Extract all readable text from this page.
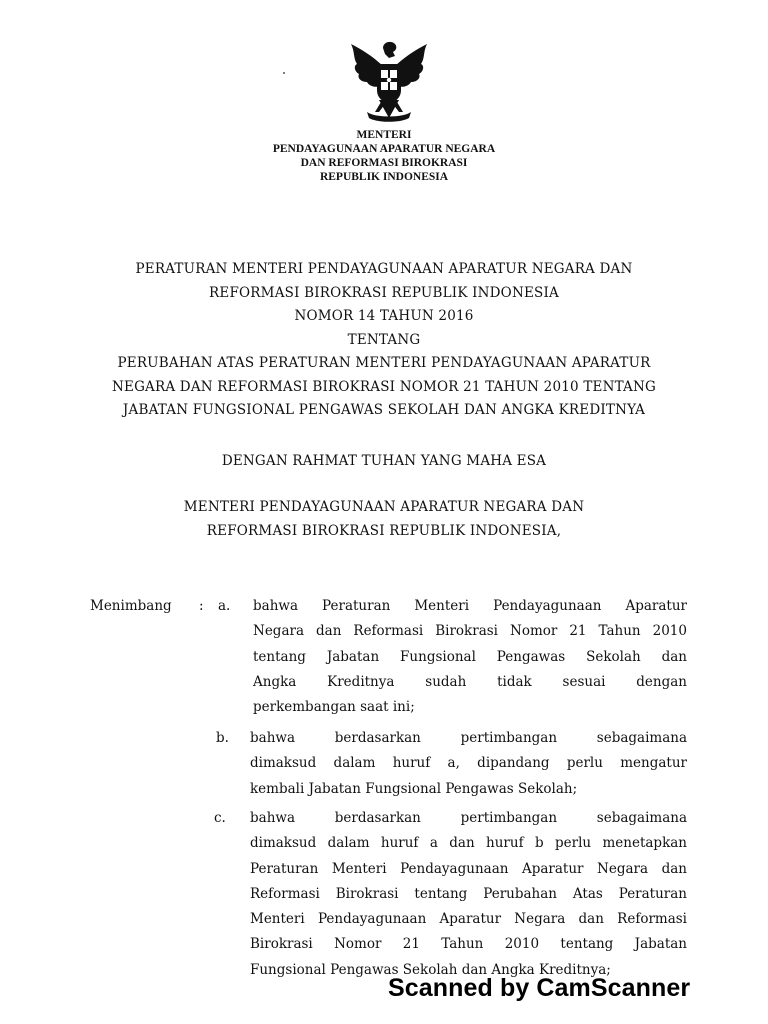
MENTERI
PENDAYAGUNAAN APARATUR NEGARA
DAN REFORMASI BIROKRASI
REPUBLIK INDONESIA
PERATURAN MENTERI PENDAYAGUNAAN APARATUR NEGARA DAN
REFORMASI BIROKRASI REPUBLIK INDONESIA
NOMOR 14 TAHUN 2016
TENTANG
PERUBAHAN ATAS PERATURAN MENTERI PENDAYAGUNAAN APARATUR
NEGARA DAN REFORMASI BIROKRASI NOMOR 21 TAHUN 2010 TENTANG
JABATAN FUNGSIONAL PENGAWAS SEKOLAH DAN ANGKA KREDITNYA
DENGAN RAHMAT TUHAN YANG MAHA ESA
MENTERI PENDAYAGUNAAN APARATUR NEGARA DAN
REFORMASI BIROKRASI REPUBLIK INDONESIA,
Menimbang : a. bahwa Peraturan Menteri Pendayagunaan Aparatur
Negara dan Reformasi Birokrasi Nomor 21 Tahun 2010
tentang Jabatan Fungsional Pengawas Sekolah dan
Angka Kreditnya sudah tidak sesuai dengan
perkembangan saat ini;
b. bahwa berdasarkan pertimbangan sebagaimana
dimaksud dalam huruf a, dipandang perlu mengatur
kembali Jabatan Fungsional Pengawas Sekolah;
c. bahwa berdasarkan pertimbangan sebagaimana
dimaksud dalam huruf a dan huruf b perlu menetapkan
Peraturan Menteri Pendayagunaan Aparatur Negara dan
Reformasi Birokrasi tentang Perubahan Atas Peraturan
Menteri Pendayagunaan Aparatur Negara dan Reformasi
Birokrasi Nomor 21 Tahun 2010 tentang Jabatan
Fungsional Pengawas Sekolah dan Angka Kreditnya;
Scanned by CamScanner
